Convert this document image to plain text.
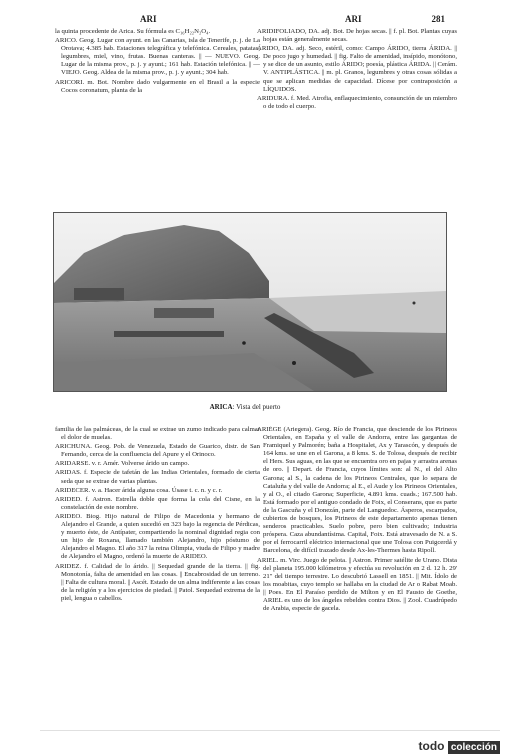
ARI	ARI	281

la quinta procedente de Arica. Su fórmula es C₁₆H₂₂N₂O₄.

ARICO. Geog. Lugar con ayunt. en las Canarias, isla de Tenerife, p. j. de La Orotava; 4.385 hab. Estaciones telegráfica y telefónica. Cereales, patatas, legumbres, miel, vino, frutas. Buenas canteras. || — NUEVO. Geog. Lugar de la misma prov., p. j. y ayunt.; 161 hab. Estación telefónica. || — VIEJO. Geog. Aldea de la misma prov., p. j. y ayunt.; 304 hab.

ARICORI. m. Bot. Nombre dado vulgarmente en el Brasil a la especie Cocos coronatum, planta de la

ARIDIFOLIADO, DA. adj. Bot. De hojas secas. || f. pl. Bot. Plantas cuyas hojas están generalmente secas.

ÁRIDO, DA. adj. Seco, estéril, como: Campo ÁRIDO, tierra ÁRIDA. || De poco jugo y humedad. || fig. Falto de amenidad, insípido, monótono, y se dice de un asunto, estilo ÁRIDO; poesía, plástica ÁRIDA. || Cerám. V. ANTIPLÁSTICA. || m. pl. Granos, legumbres y otras cosas sólidas a que se aplican medidas de capacidad. Dícese por contraposición a LÍQUIDOS.

ARIDURA. f. Med. Atrofia, enflaquecimiento, consunción de un miembro o de todo el cuerpo.

ARICA: Vista del puerto

familia de las palmáceas, de la cual se extrae un zumo indicado para calmar el dolor de muelas.

ARICHUNA. Geog. Pob. de Venezuela, Estado de Guarico, distr. de San Fernando, cerca de la confluencia del Apure y el Orinoco.

ARIDARSE. v. r. Amér. Volverse árido un campo.

ARIDAS. f. Especie de tafetán de las Indias Orientales, formado de cierta seda que se extrae de varias plantas.

ARIDECER. v. a. Hacer árida alguna cosa. Úsase t. c. n. y c. r.

ARIDED. f. Astron. Estrella doble que forma la cola del Cisne, en la constelación de este nombre.

ARIDEO. Biog. Hijo natural de Filipo de Macedonia y hermano de Alejandro el Grande, a quien sucedió en 323 bajo la regencia de Pérdicas, y muerto éste, de Antípater, compartiendo la nominal dignidad regia con un hijo de Roxana, llamado también Alejandro, hijo póstumo de Alejandro el Magno. El año 317 la reina Olimpia, viuda de Filipo y madre de Alejandro el Magno, ordenó la muerte de ARIDEO.

ARIDEZ. f. Calidad de lo árido. || Sequedad grande de la tierra. || fig. Monotonía, falta de amenidad en las cosas. || Encabrosidad de un terreno. || Falta de cultura moral. || Ascét. Estado de un alma indiferente a las cosas de la religión y a los ejercicios de piedad. || Patol. Sequedad extrema de la piel, lengua o cabellos.

ARIÈGE (Ariegera). Geog. Río de Francia, que desciende de los Pirineos Orientales, en España y el valle de Andorra, entre las gargantas de Framiquel y Palmorén; baña a Hospitalet, Ax y Tarascón, y después de 164 kms. se une en el Garona, a 8 kms. S. de Tolosa, después de recibir el Hers. Sus aguas, en las que se encuentra oro en pajas y arrastra arenas de oro. || Depart. de Francia, cuyos límites son: al N., el del Alto Garona; al S., la cadena de los Pirineos Centrales, que lo separa de Cataluña y del valle de Andorra; al E., el Aude y los Pirineos Orientales, y al O., el citado Garona; Superficie, 4.891 kms. cuads.; 167.500 hab. Está formado por el antiguo condado de Foix, el Conserans, que es parte de la Gascuña y el Donezán, parte del Languedoc. Ásperos, escarpados, cubiertos de bosques, los Pirineos de este departamento apenas tienen senderos practicables. Suelo pobre, pero bien cultivado; industria próspera. Caza abundantísima. Capital, Foix. Está atravesado de N. a S. por el ferrocarril eléctrico internacional que une Tolosa con Puigcerdá y Barcelona, de difícil trazado desde Ax-les-Thermes hasta Ripoll.

ARIEL. m. Virc. Juego de pelota. || Astron. Primer satélite de Urano. Dista del planeta 195.000 kilómetros y efectúa su revolución en 2 d. 12 h. 29' 21" del tiempo terrestre. Lo descubrió Lassell en 1851. || Mit. Ídolo de los moabitas, cuyo templo se hallaba en la ciudad de Ar o Rabat Moab. || Poes. En El Paraíso perdido de Milton y en El Fausto de Goethe, ARIEL es uno de los ángeles rebeldes contra Dios. || Zool. Cuadrúpedo de Arabia, especie de gacela.

todo colección
